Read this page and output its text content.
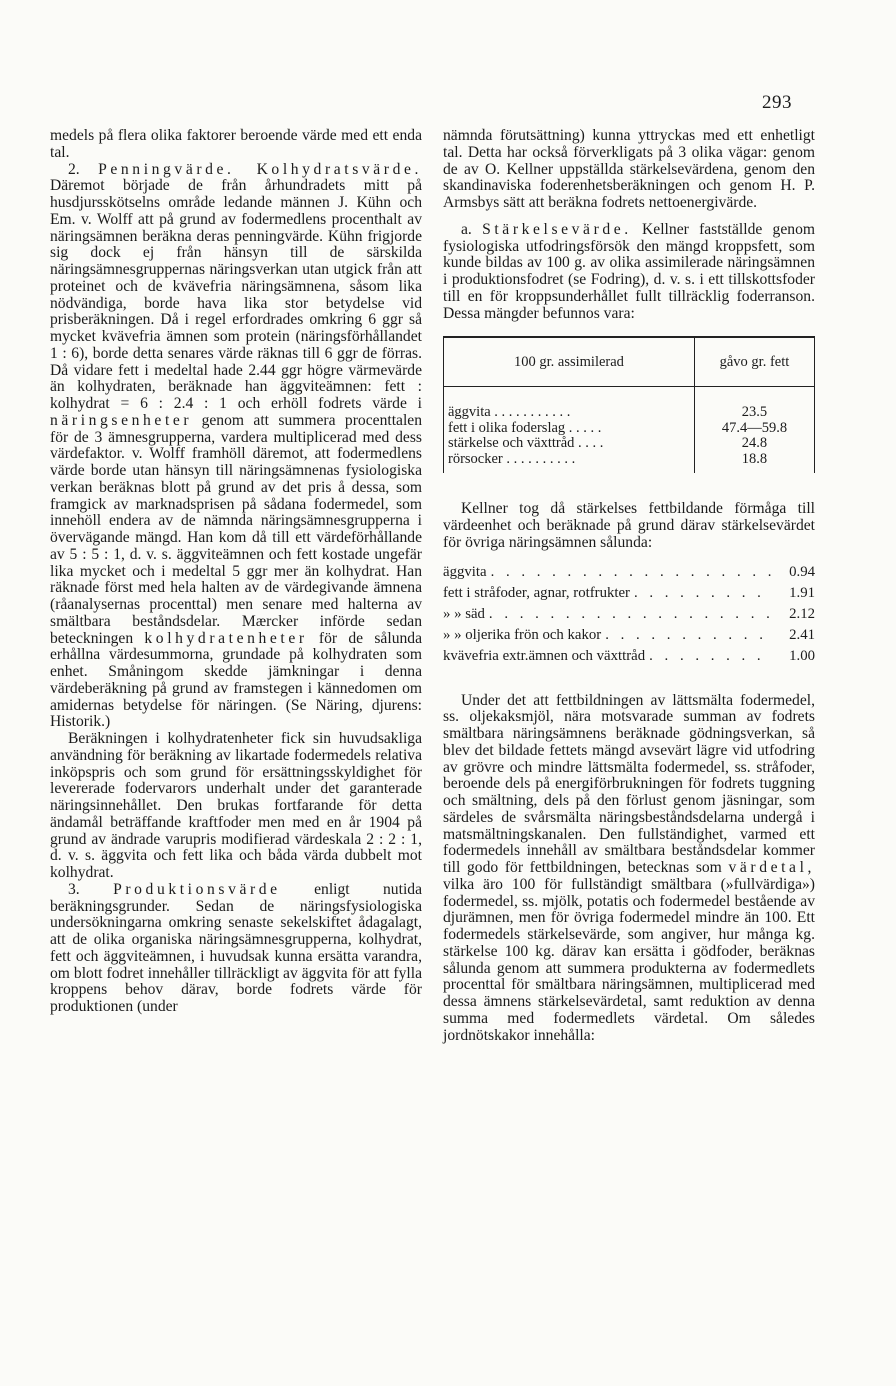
293

medels på flera olika faktorer beroende värde med ett enda tal.

2. Penningvärde. Kolhydratsvärde. Däremot började de från århundradets mitt på husdjursskötselns område ledande männen J. Kühn och Em. v. Wolff att på grund av fodermedlens procenthalt av näringsämnen beräkna deras penningvärde. Kühn frigjorde sig dock ej från hänsyn till de särskilda näringsämnesgruppernas näringsverkan utan utgick från att proteinet och de kvävefria näringsämnena, såsom lika nödvändiga, borde hava lika stor betydelse vid prisberäkningen. Då i regel erfordrades omkring 6 ggr så mycket kvävefria ämnen som protein (näringsförhållandet 1 : 6), borde detta senares värde räknas till 6 ggr de förras. Då vidare fett i medeltal hade 2.44 ggr högre värmevärde än kolhydraten, beräknade han äggviteämnen: fett : kolhydrat = 6 : 2.4 : 1 och erhöll fodrets värde i näringsenheter genom att summera procenttalen för de 3 ämnesgrupperna, vardera multiplicerad med dess värdefaktor. v. Wolff framhöll däremot, att fodermedlens värde borde utan hänsyn till näringsämnenas fysiologiska verkan beräknas blott på grund av det pris å dessa, som framgick av marknadsprisen på sådana fodermedel, som innehöll endera av de nämnda näringsämnesgrupperna i övervägande mängd. Han kom då till ett värdeförhållande av 5 : 5 : 1, d. v. s. äggviteämnen och fett kostade ungefär lika mycket och i medeltal 5 ggr mer än kolhydrat. Han räknade först med hela halten av de värdegivande ämnena (råanalysernas procenttal) men senare med halterna av smältbara beståndsdelar. Mærcker införde sedan beteckningen kolhydratenheter för de sålunda erhållna värdesummorna, grundade på kolhydraten som enhet. Småningom skedde jämkningar i denna värdeberäkning på grund av framstegen i kännedomen om amidernas betydelse för näringen. (Se Näring, djurens: Historik.)

Beräkningen i kolhydratenheter fick sin huvudsakliga användning för beräkning av likartade fodermedels relativa inköpspris och som grund för ersättningsskyldighet för levererade fodervarors underhalt under det garanterade näringsinnehållet. Den brukas fortfarande för detta ändamål beträffande kraftfoder men med en år 1904 på grund av ändrade varupris modifierad värdeskala 2 : 2 : 1, d. v. s. äggvita och fett lika och båda värda dubbelt mot kolhydrat.

3. Produktionsvärde enligt nutida beräkningsgrunder. Sedan de näringsfysiologiska undersökningarna omkring senaste sekelskiftet ådagalagt, att de olika organiska näringsämnesgrupperna, kolhydrat, fett och äggviteämnen, i huvudsak kunna ersätta varandra, om blott fodret innehåller tillräckligt av äggvita för att fylla kroppens behov därav, borde fodrets värde för produktionen (under

nämnda förutsättning) kunna yttryckas med ett enhetligt tal. Detta har också förverkligats på 3 olika vägar: genom de av O. Kellner uppställda stärkelsevärdena, genom den skandinaviska foderenhetsberäkningen och genom H. P. Armsbys sätt att beräkna fodrets nettoenergivärde.

a. Stärkelsevärde. Kellner fastställde genom fysiologiska utfodringsförsök den mängd kroppsfett, som kunde bildas av 100 g. av olika assimilerade näringsämnen i produktionsfodret (se Fodring), d. v. s. i ett tillskottsfoder till en för kroppsunderhållet fullt tillräcklig foderranson. Dessa mängder befunnos vara:

100 gr. assimilerad	gåvo gr. fett

äggvita . . . . . . . . . . .	23.5
fett i olika foderslag . . . . .	47.4—59.8
stärkelse och växttråd . . . .	24.8
rörsocker . . . . . . . . . .	18.8

Kellner tog då stärkelses fettbildande förmåga till värdeenhet och beräknade på grund därav stärkelsevärdet för övriga näringsämnen sålunda:

äggvita . . .	0.94
fett i stråfoder, agnar, rotfrukter . . .	1.91
» » säd . . .	2.12
» » oljerika frön och kakor . . .	2.41
kvävefria extr.ämnen och växttråd . . .	1.00

Under det att fettbildningen av lättsmälta fodermedel, ss. oljekaksmjöl, nära motsvarade summan av fodrets smältbara näringsämnens beräknade gödningsverkan, så blev det bildade fettets mängd avsevärt lägre vid utfodring av grövre och mindre lättsmälta fodermedel, ss. stråfoder, beroende dels på energiförbrukningen för fodrets tuggning och smältning, dels på den förlust genom jäsningar, som särdeles de svårsmälta näringsbeståndsdelarna undergå i matsmältningskanalen. Den fullständighet, varmed ett fodermedels innehåll av smältbara beståndsdelar kommer till godo för fettbildningen, betecknas som värdetal, vilka äro 100 för fullständigt smältbara (»fullvärdiga») fodermedel, ss. mjölk, potatis och fodermedel bestående av djurämnen, men för övriga fodermedel mindre än 100. Ett fodermedels stärkelsevärde, som angiver, hur många kg. stärkelse 100 kg. därav kan ersätta i gödfoder, beräknas sålunda genom att summera produkterna av fodermedlets procenttal för smältbara näringsämnen, multiplicerad med dessa ämnens stärkelsevärdetal, samt reduktion av denna summa med fodermedlets värdetal. Om således jordnötskakor innehålla:
